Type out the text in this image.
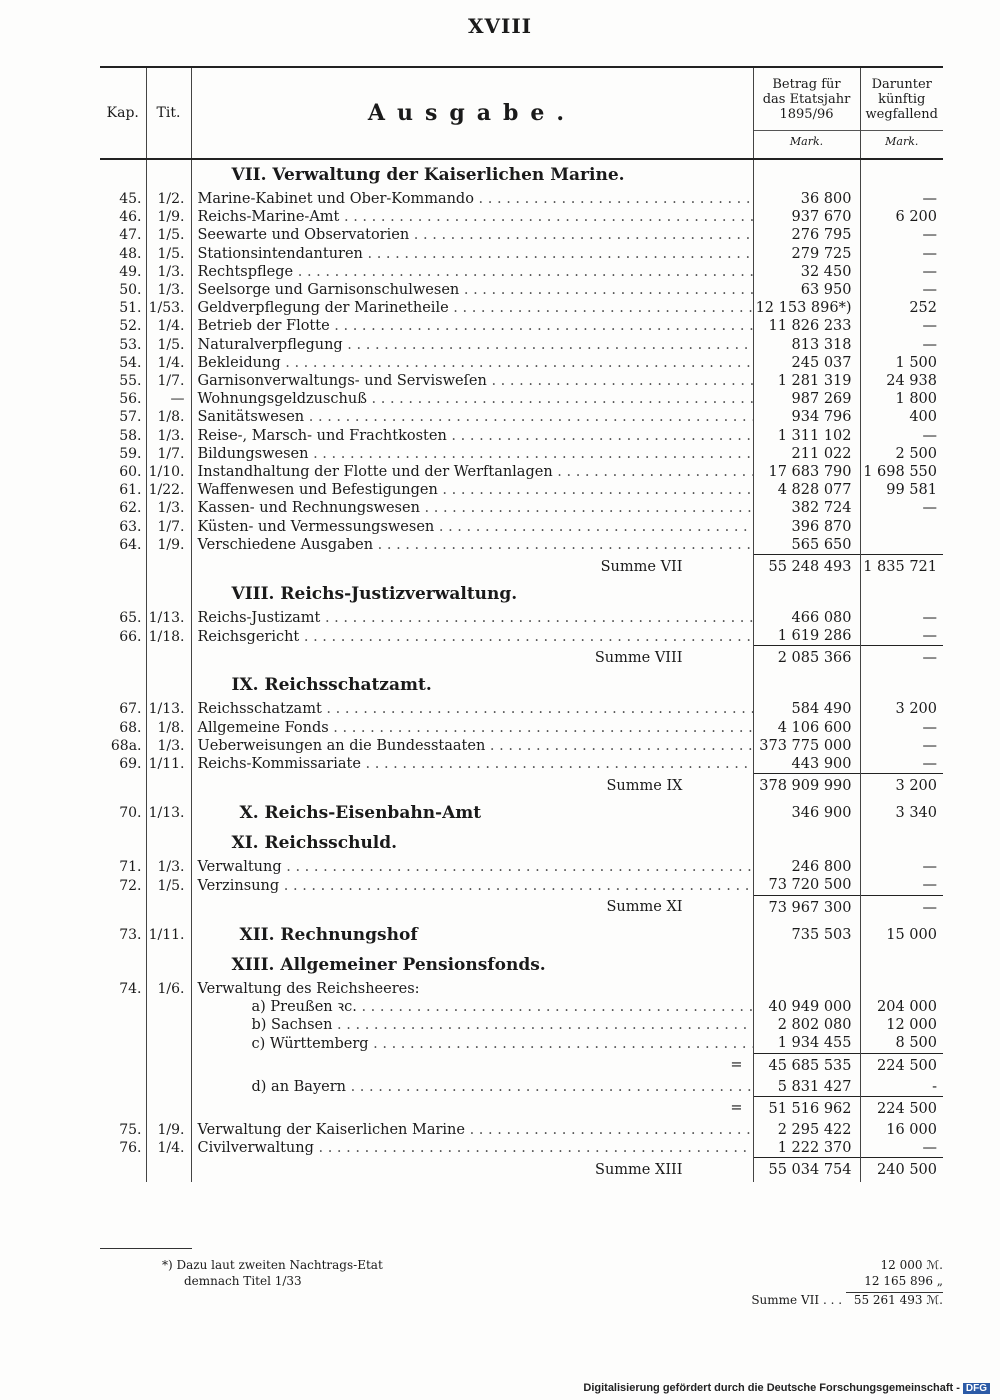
XVIII
Kap.	Tit.	Ausgabe.	Betrag für
das Etatsjahr
1895/96
Mark.	Darunter
künftig
wegfallend
Mark.

		VII. Verwaltung der Kaiserlichen Marine.		
45.	1/2.	Marine-Kabinet und Ober-Kommando . . .	36 800	—
46.	1/9.	Reichs-Marine-Amt . . .	937 670	6 200
47.	1/5.	Seewarte und Observatorien . . .	276 795	—
48.	1/5.	Stationsintendanturen . . .	279 725	—
49.	1/3.	Rechtspflege . . .	32 450	—
50.	1/3.	Seelsorge und Garnisonschulwesen . . .	63 950	—
51.	1/53.	Geldverpflegung der Marinetheile . . .	12 153 896*)	252
52.	1/4.	Betrieb der Flotte . . .	11 826 233	—
53.	1/5.	Naturalverpflegung . . .	813 318	—
54.	1/4.	Bekleidung . . .	245 037	1 500
55.	1/7.	Garnisonverwaltungs- und Servisweſen . . .	1 281 319	24 938
56.	—	Wohnungsgeldzuschuß . . .	987 269	1 800
57.	1/8.	Sanitätswesen . . .	934 796	400
58.	1/3.	Reise-, Marsch- und Frachtkosten . . .	1 311 102	—
59.	1/7.	Bildungswesen . . .	211 022	2 500
60.	1/10.	Instandhaltung der Flotte und der Werftanlagen . . .	17 683 790	1 698 550
61.	1/22.	Waffenwesen und Befestigungen . . .	4 828 077	99 581
62.	1/3.	Kassen- und Rechnungswesen . . .	382 724	—
63.	1/7.	Küsten- und Vermessungswesen . . .	396 870	
64.	1/9.	Verschiedene Ausgaben . . .	565 650	
		Summe VII	55 248 493	1 835 721
		VIII. Reichs-Justizverwaltung.		
65.	1/13.	Reichs-Justizamt . . .	466 080	—
66.	1/18.	Reichsgericht . . .	1 619 286	—
		Summe VIII	2 085 366	—
		IX. Reichsschatzamt.		
67.	1/13.	Reichsschatzamt . . .	584 490	3 200
68.	1/8.	Allgemeine Fonds . . .	4 106 600	—
68a.	1/3.	Ueberweisungen an die Bundesstaaten . . .	373 775 000	—
69.	1/11.	Reichs-Kommissariate . . .	443 900	—
		Summe IX	378 909 990	3 200
70.	1/13.	X. Reichs-Eisenbahn-Amt	346 900	3 340
		XI. Reichsschuld.		
71.	1/3.	Verwaltung . . .	246 800	—
72.	1/5.	Verzinsung . . .	73 720 500	—
		Summe XI	73 967 300	—
73.	1/11.	XII. Rechnungshof	735 503	15 000
		XIII. Allgemeiner Pensionsfonds.		
74.	1/6.	Verwaltung des Reichsheeres:		
		a) Preußen ꝛc. . . .	40 949 000	204 000
		b) Sachsen . . .	2 802 080	12 000
		c) Württemberg . . .	1 934 455	8 500
		=	45 685 535	224 500
		d) an Bayern . . .	5 831 427	-
		=	51 516 962	224 500
75.	1/9.	Verwaltung der Kaiserlichen Marine . . .	2 295 422	16 000
76.	1/4.	Civilverwaltung . . .	1 222 370	—
		Summe XIII	55 034 754	240 500
*) Dazu laut zweiten Nachtrags-Etat	12 000 ℳ.
demnach Titel 1/33	12 165 896 „
Summe VII . . . 55 261 493 ℳ.
Digitalisierung gefördert durch die Deutsche Forschungsgemeinschaft - DFG
